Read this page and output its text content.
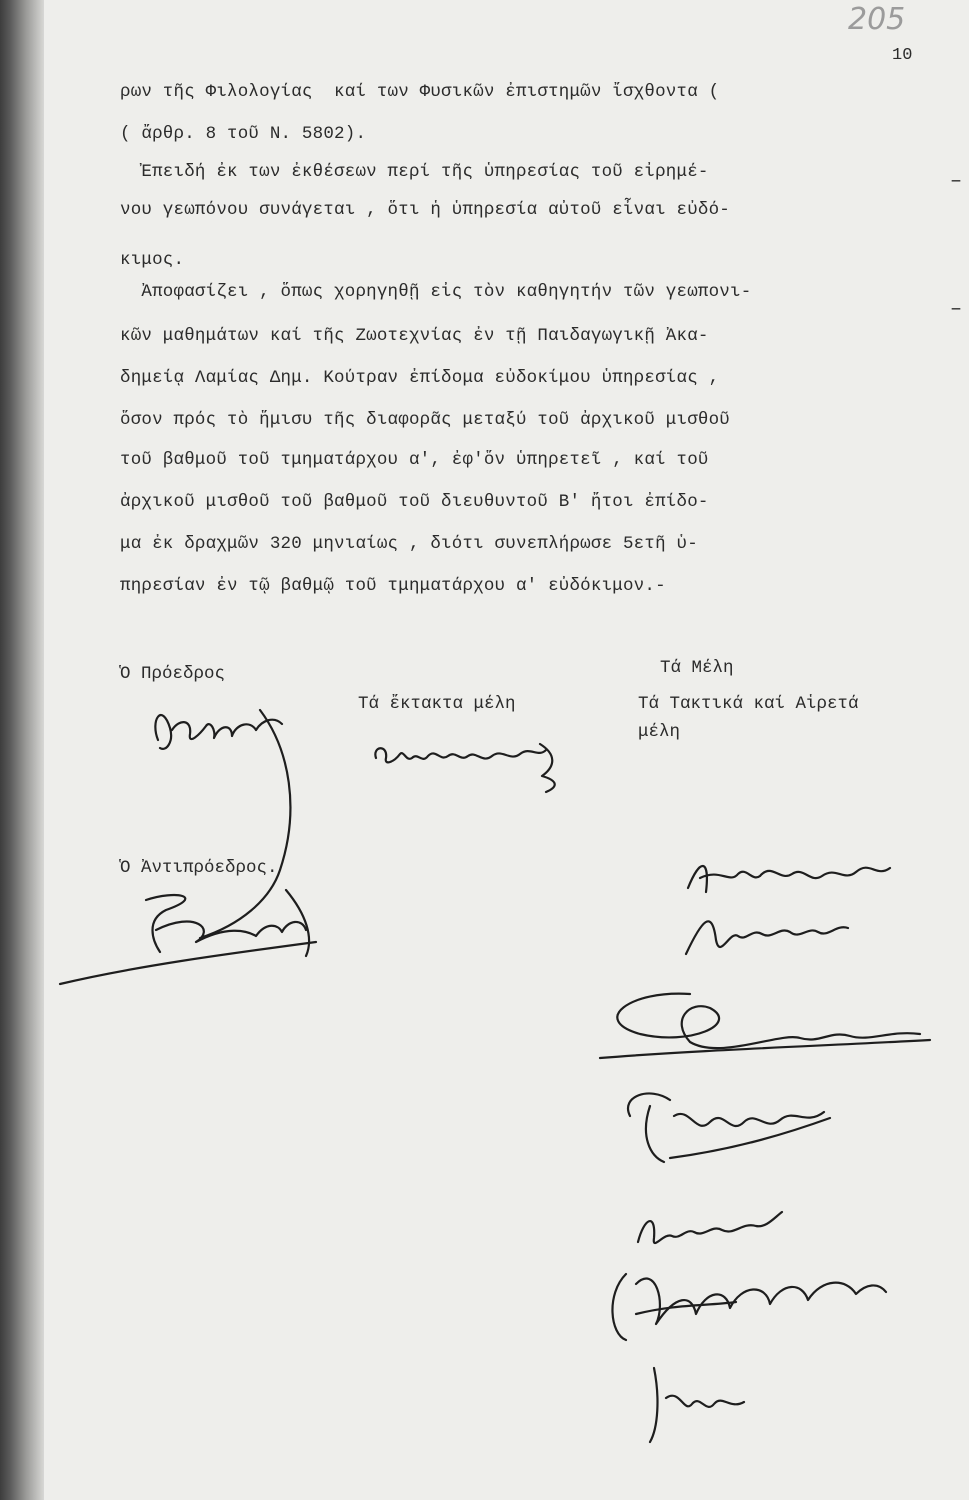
205
10
ρων τῆς Φιλολογίας  καί των Φυσικῶν ἐπιστημῶν ἴσχθοντα (
( ἄρθρ. 8 τοῦ Ν. 5802).
Ἐπειδή ἐκ των ἐκθέσεων περί τῆς ὑπηρεσίας τοῦ εἰρημέ-
νου γεωπόνου συνάγεται , ὅτι ἡ ὑπηρεσία αὐτοῦ εἶναι εὐδό-
κιμος.
Ἀποφασίζει , ὅπως χορηγηθῇ εἰς τὸν καθηγητήν τῶν γεωπονι-
κῶν μαθημάτων καί τῆς Ζωοτεχνίας ἐν τῇ Παιδαγωγικῇ Ἀκα-
δημείᾳ Λαμίας Δημ. Κούτραν ἐπίδομα εὐδοκίμου ὑπηρεσίας ,
ὅσον πρός τὸ ἥμισυ τῆς διαφορᾶς μεταξύ τοῦ ἀρχικοῦ μισθοῦ
τοῦ βαθμοῦ τοῦ τμηματάρχου α', ἐφ'ὅν ὑπηρετεῖ , καί τοῦ
ἀρχικοῦ μισθοῦ τοῦ βαθμοῦ τοῦ διευθυντοῦ Β' ἤτοι ἐπίδο-
μα ἐκ δραχμῶν 320 μηνιαίως , διότι συνεπλήρωσε 5ετῆ ὑ-
πηρεσίαν ἐν τῷ βαθμῷ τοῦ τμηματάρχου α' εὐδόκιμον.-
–
–
Ὁ Πρόεδρος
Τά ἔκτακτα μέλη
Τά Μέλη
Τά Τακτικά καί Αἱρετά
μέλη
Ὁ Ἀντιπρόεδρος.
